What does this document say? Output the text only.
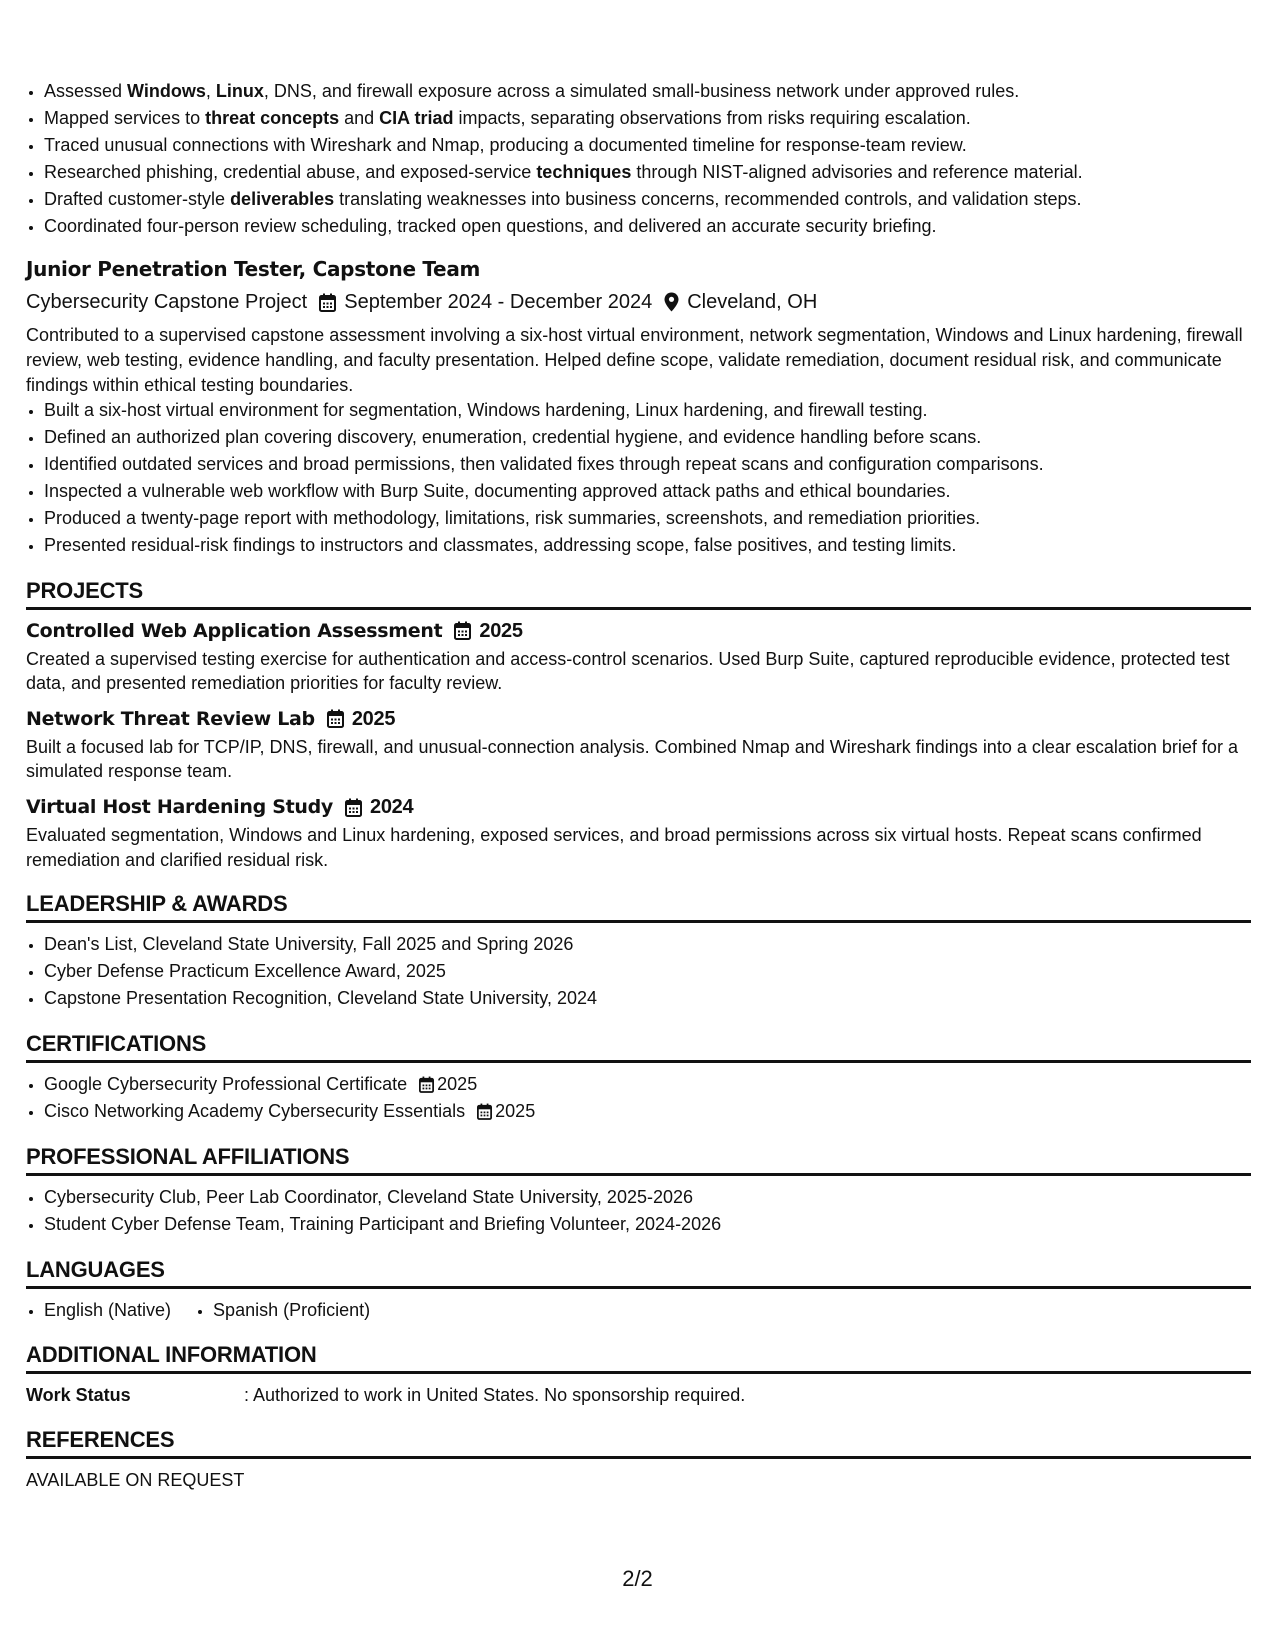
• Assessed Windows, Linux, DNS, and firewall exposure across a simulated small-business network under approved rules.
• Mapped services to threat concepts and CIA triad impacts, separating observations from risks requiring escalation.
• Traced unusual connections with Wireshark and Nmap, producing a documented timeline for response-team review.
• Researched phishing, credential abuse, and exposed-service techniques through NIST-aligned advisories and reference material.
• Drafted customer-style deliverables translating weaknesses into business concerns, recommended controls, and validation steps.
• Coordinated four-person review scheduling, tracked open questions, and delivered an accurate security briefing.
Junior Penetration Tester, Capstone Team
Cybersecurity Capstone Project September 2024 - December 2024 Cleveland, OH

Contributed to a supervised capstone assessment involving a six-host virtual environment, network segmentation, Windows and Linux hardening, firewall review, web testing, evidence handling, and faculty presentation. Helped define scope, validate remediation, document residual risk, and communicate findings within ethical testing boundaries.

• Built a six-host virtual environment for segmentation, Windows hardening, Linux hardening, and firewall testing.
• Defined an authorized plan covering discovery, enumeration, credential hygiene, and evidence handling before scans.
• Identified outdated services and broad permissions, then validated fixes through repeat scans and configuration comparisons.
• Inspected a vulnerable web workflow with Burp Suite, documenting approved attack paths and ethical boundaries.
• Produced a twenty-page report with methodology, limitations, risk summaries, screenshots, and remediation priorities.
• Presented residual-risk findings to instructors and classmates, addressing scope, false positives, and testing limits.
PROJECTS
Controlled Web Application Assessment 2025

Created a supervised testing exercise for authentication and access-control scenarios. Used Burp Suite, captured reproducible evidence, protected test data, and presented remediation priorities for faculty review.

Network Threat Review Lab 2025

Built a focused lab for TCP/IP, DNS, firewall, and unusual-connection analysis. Combined Nmap and Wireshark findings into a clear escalation brief for a simulated response team.

Virtual Host Hardening Study 2024

Evaluated segmentation, Windows and Linux hardening, exposed services, and broad permissions across six virtual hosts. Repeat scans confirmed remediation and clarified residual risk.

LEADERSHIP & AWARDS
• Dean's List, Cleveland State University, Fall 2025 and Spring 2026
• Cyber Defense Practicum Excellence Award, 2025
• Capstone Presentation Recognition, Cleveland State University, 2024
CERTIFICATIONS
• Google Cybersecurity Professional Certificate 2025
• Cisco Networking Academy Cybersecurity Essentials 2025
PROFESSIONAL AFFILIATIONS
• Cybersecurity Club, Peer Lab Coordinator, Cleveland State University, 2025-2026
• Student Cyber Defense Team, Training Participant and Briefing Volunteer, 2024-2026
LANGUAGES
• English (Native)
• Spanish (Proficient)
ADDITIONAL INFORMATION
Work Status	: Authorized to work in United States. No sponsorship required.
REFERENCES
AVAILABLE ON REQUEST
2/2
